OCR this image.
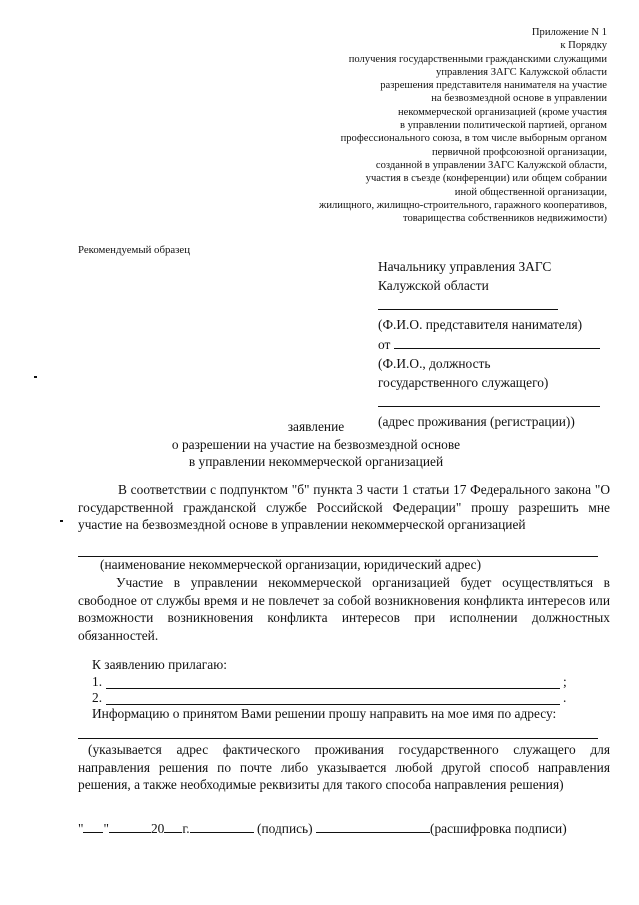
Приложение N 1
к Порядку
получения государственными гражданскими служащими
управления ЗАГС Калужской области
разрешения представителя нанимателя на участие
на безвозмездной основе в управлении
некоммерческой организацией (кроме участия
в управлении политической партией, органом
профессионального союза, в том числе выборным органом
первичной профсоюзной организации,
созданной в управлении ЗАГС Калужской области,
участия в съезде (конференции) или общем собрании
иной общественной организации,
жилищного, жилищно-строительного, гаражного кооперативов,
товарищества собственников недвижимости)
Рекомендуемый образец
Начальнику управления ЗАГС
Калужской области
(Ф.И.О. представителя нанимателя)
от
(Ф.И.О., должность
государственного служащего)
(адрес проживания (регистрации))
заявление
о разрешении на участие на безвозмездной основе
в управлении некоммерческой организацией
В соответствии с подпунктом "б" пункта 3 части 1 статьи 17 Федерального закона "О государственной гражданской службе Российской Федерации" прошу разрешить мне участие на безвозмездной основе в управлении некоммерческой организацией
(наименование некоммерческой организации, юридический адрес)
Участие в управлении некоммерческой организацией будет осуществляться в свободное от службы время и не повлечет за собой возникновения конфликта интересов или возможности возникновения конфликта интересов при исполнении должностных обязанностей.
К заявлению прилагаю:
1.	;
2.	.
Информацию о принятом Вами решении прошу направить на мое имя по адресу:
(указывается адрес фактического проживания государственного служащего для направления решения по почте либо указывается любой другой способ направления решения, а также необходимые реквизиты для такого способа направления решения)
" "	20 г.	(подпись)	(расшифровка подписи)
